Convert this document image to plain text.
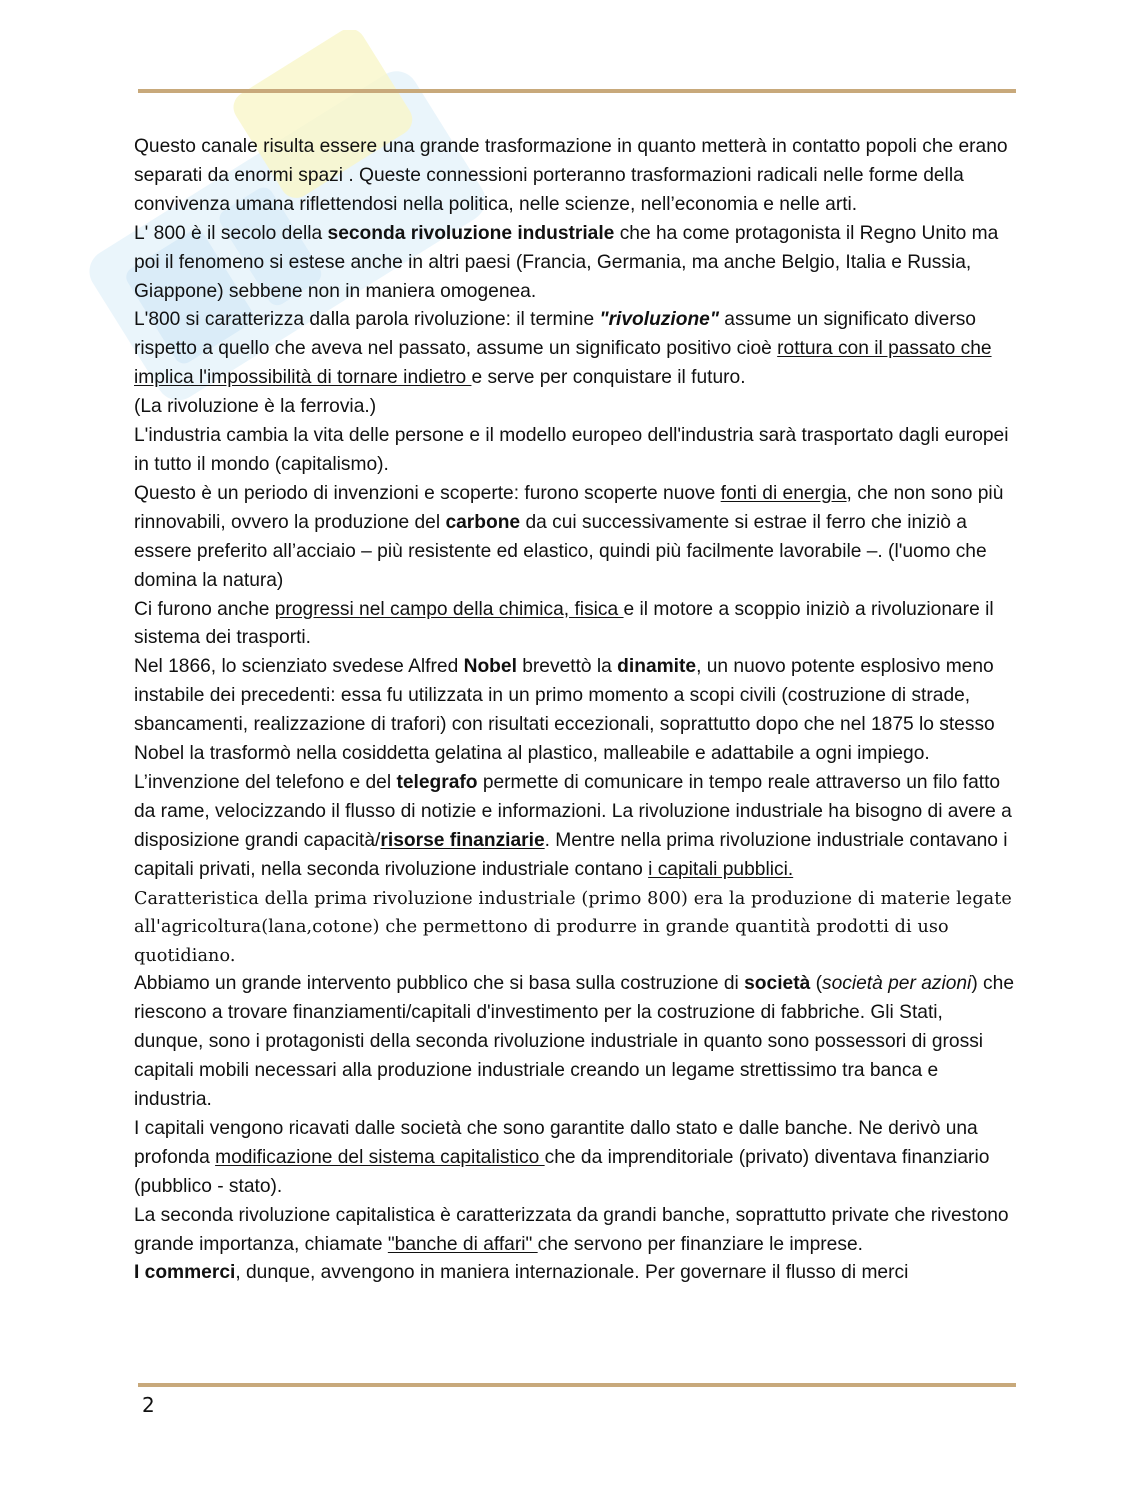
Questo canale risulta essere una grande trasformazione in quanto metterà in contatto popoli che erano separati da enormi spazi . Queste connessioni porteranno trasformazioni radicali nelle forme della convivenza umana riflettendosi nella politica, nelle scienze, nell’economia e nelle arti.

L' 800 è il secolo della seconda rivoluzione industriale che ha come protagonista il Regno Unito ma poi il fenomeno si estese anche in altri paesi (Francia, Germania, ma anche Belgio, Italia e Russia, Giappone) sebbene non in maniera omogenea.

L'800 si caratterizza dalla parola rivoluzione: il termine "rivoluzione" assume un significato diverso rispetto a quello che aveva nel passato, assume un significato positivo cioè rottura con il passato che implica l'impossibilità di tornare indietro e serve per conquistare il futuro.

(La rivoluzione è la ferrovia.)

L'industria cambia la vita delle persone e il modello europeo dell'industria sarà trasportato dagli europei in tutto il mondo (capitalismo).

Questo è un periodo di invenzioni e scoperte: furono scoperte nuove fonti di energia, che non sono più rinnovabili, ovvero la produzione del carbone da cui successivamente si estrae il ferro che iniziò a essere preferito all’acciaio – più resistente ed elastico, quindi più facilmente lavorabile –. (l'uomo che domina la natura)

Ci furono anche progressi nel campo della chimica, fisica e il motore a scoppio iniziò a rivoluzionare il sistema dei trasporti.

Nel 1866, lo scienziato svedese Alfred Nobel brevettò la dinamite, un nuovo potente esplosivo meno instabile dei precedenti: essa fu utilizzata in un primo momento a scopi civili (costruzione di strade, sbancamenti, realizzazione di trafori) con risultati eccezionali, soprattutto dopo che nel 1875 lo stesso Nobel la trasformò nella cosiddetta gelatina al plastico, malleabile e adattabile a ogni impiego. L’invenzione del telefono e del telegrafo permette di comunicare in tempo reale attraverso un filo fatto da rame, velocizzando il flusso di notizie e informazioni. La rivoluzione industriale ha bisogno di avere a disposizione grandi capacità/risorse finanziarie. Mentre nella prima rivoluzione industriale contavano i capitali privati, nella seconda rivoluzione industriale contano i capitali pubblici.

Caratteristica della prima rivoluzione industriale (primo 800) era la produzione di materie legate all'agricoltura(lana,cotone) che permettono di produrre in grande quantità prodotti di uso quotidiano.

Abbiamo un grande intervento pubblico che si basa sulla costruzione di società (società per azioni) che riescono a trovare finanziamenti/capitali d'investimento per la costruzione di fabbriche. Gli Stati, dunque, sono i protagonisti della seconda rivoluzione industriale in quanto sono possessori di grossi capitali mobili necessari alla produzione industriale creando un legame strettissimo tra banca e industria.

I capitali vengono ricavati dalle società che sono garantite dallo stato e dalle banche. Ne derivò una profonda modificazione del sistema capitalistico che da imprenditoriale (privato) diventava finanziario (pubblico - stato).

La seconda rivoluzione capitalistica è caratterizzata da grandi banche, soprattutto private che rivestono grande importanza, chiamate "banche di affari" che servono per finanziare le imprese.

I commerci, dunque, avvengono in maniera internazionale. Per governare il flusso di merci

2
